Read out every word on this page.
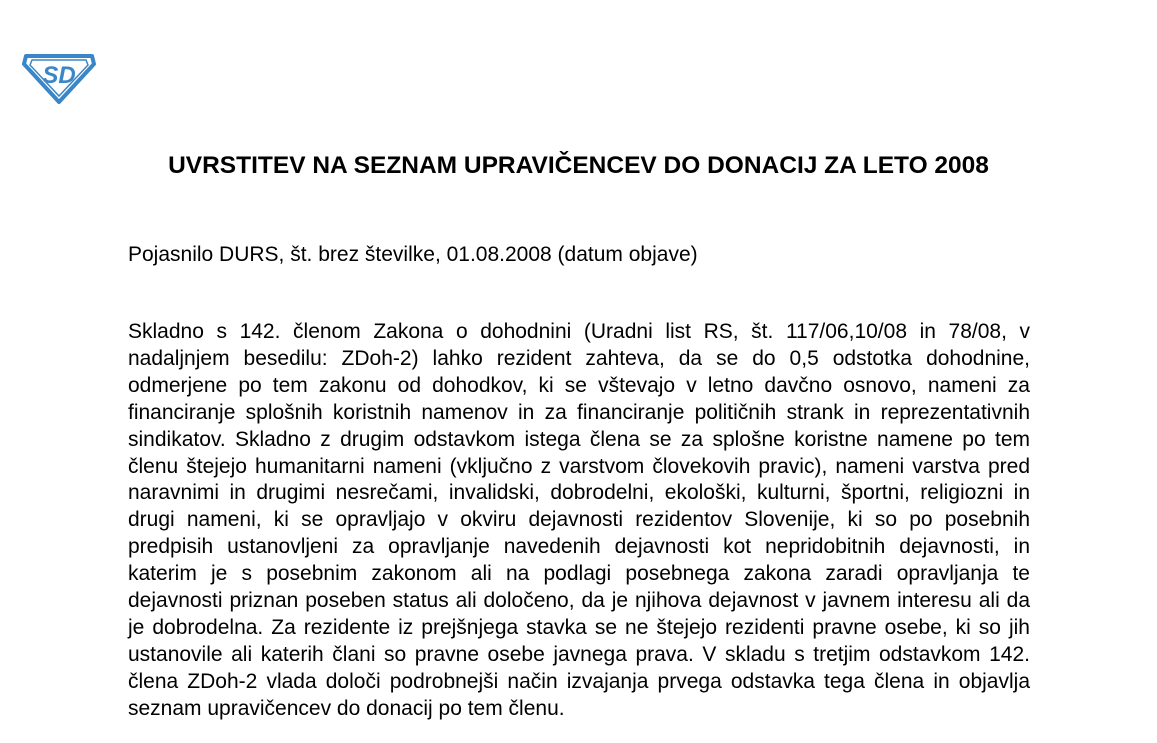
SD
UVRSTITEV NA SEZNAM UPRAVIČENCEV DO DONACIJ ZA LETO 2008

Pojasnilo DURS, št. brez številke, 01.08.2008 (datum objave)

Skladno s 142. členom Zakona o dohodnini (Uradni list RS, št. 117/06,10/08 in 78/08, v nadaljnjem besedilu: ZDoh-2) lahko rezident zahteva, da se do 0,5 odstotka dohodnine, odmerjene po tem zakonu od dohodkov, ki se vštevajo v letno davčno osnovo, nameni za financiranje splošnih koristnih namenov in za financiranje političnih strank in reprezentativnih sindikatov. Skladno z drugim odstavkom istega člena se za splošne koristne namene po tem členu štejejo humanitarni nameni (vključno z varstvom človekovih pravic), nameni varstva pred naravnimi in drugimi nesrečami, invalidski, dobrodelni, ekološki, kulturni, športni, religiozni in drugi nameni, ki se opravljajo v okviru dejavnosti rezidentov Slovenije, ki so po posebnih predpisih ustanovljeni za opravljanje navedenih dejavnosti kot nepridobitnih dejavnosti, in katerim je s posebnim zakonom ali na podlagi posebnega zakona zaradi opravljanja te dejavnosti priznan poseben status ali določeno, da je njihova dejavnost v javnem interesu ali da je dobrodelna. Za rezidente iz prejšnjega stavka se ne štejejo rezidenti pravne osebe, ki so jih ustanovile ali katerih člani so pravne osebe javnega prava. V skladu s tretjim odstavkom 142. člena ZDoh-2 vlada določi podrobnejši način izvajanja prvega odstavka tega člena in objavlja seznam upravičencev do donacij po tem členu.
